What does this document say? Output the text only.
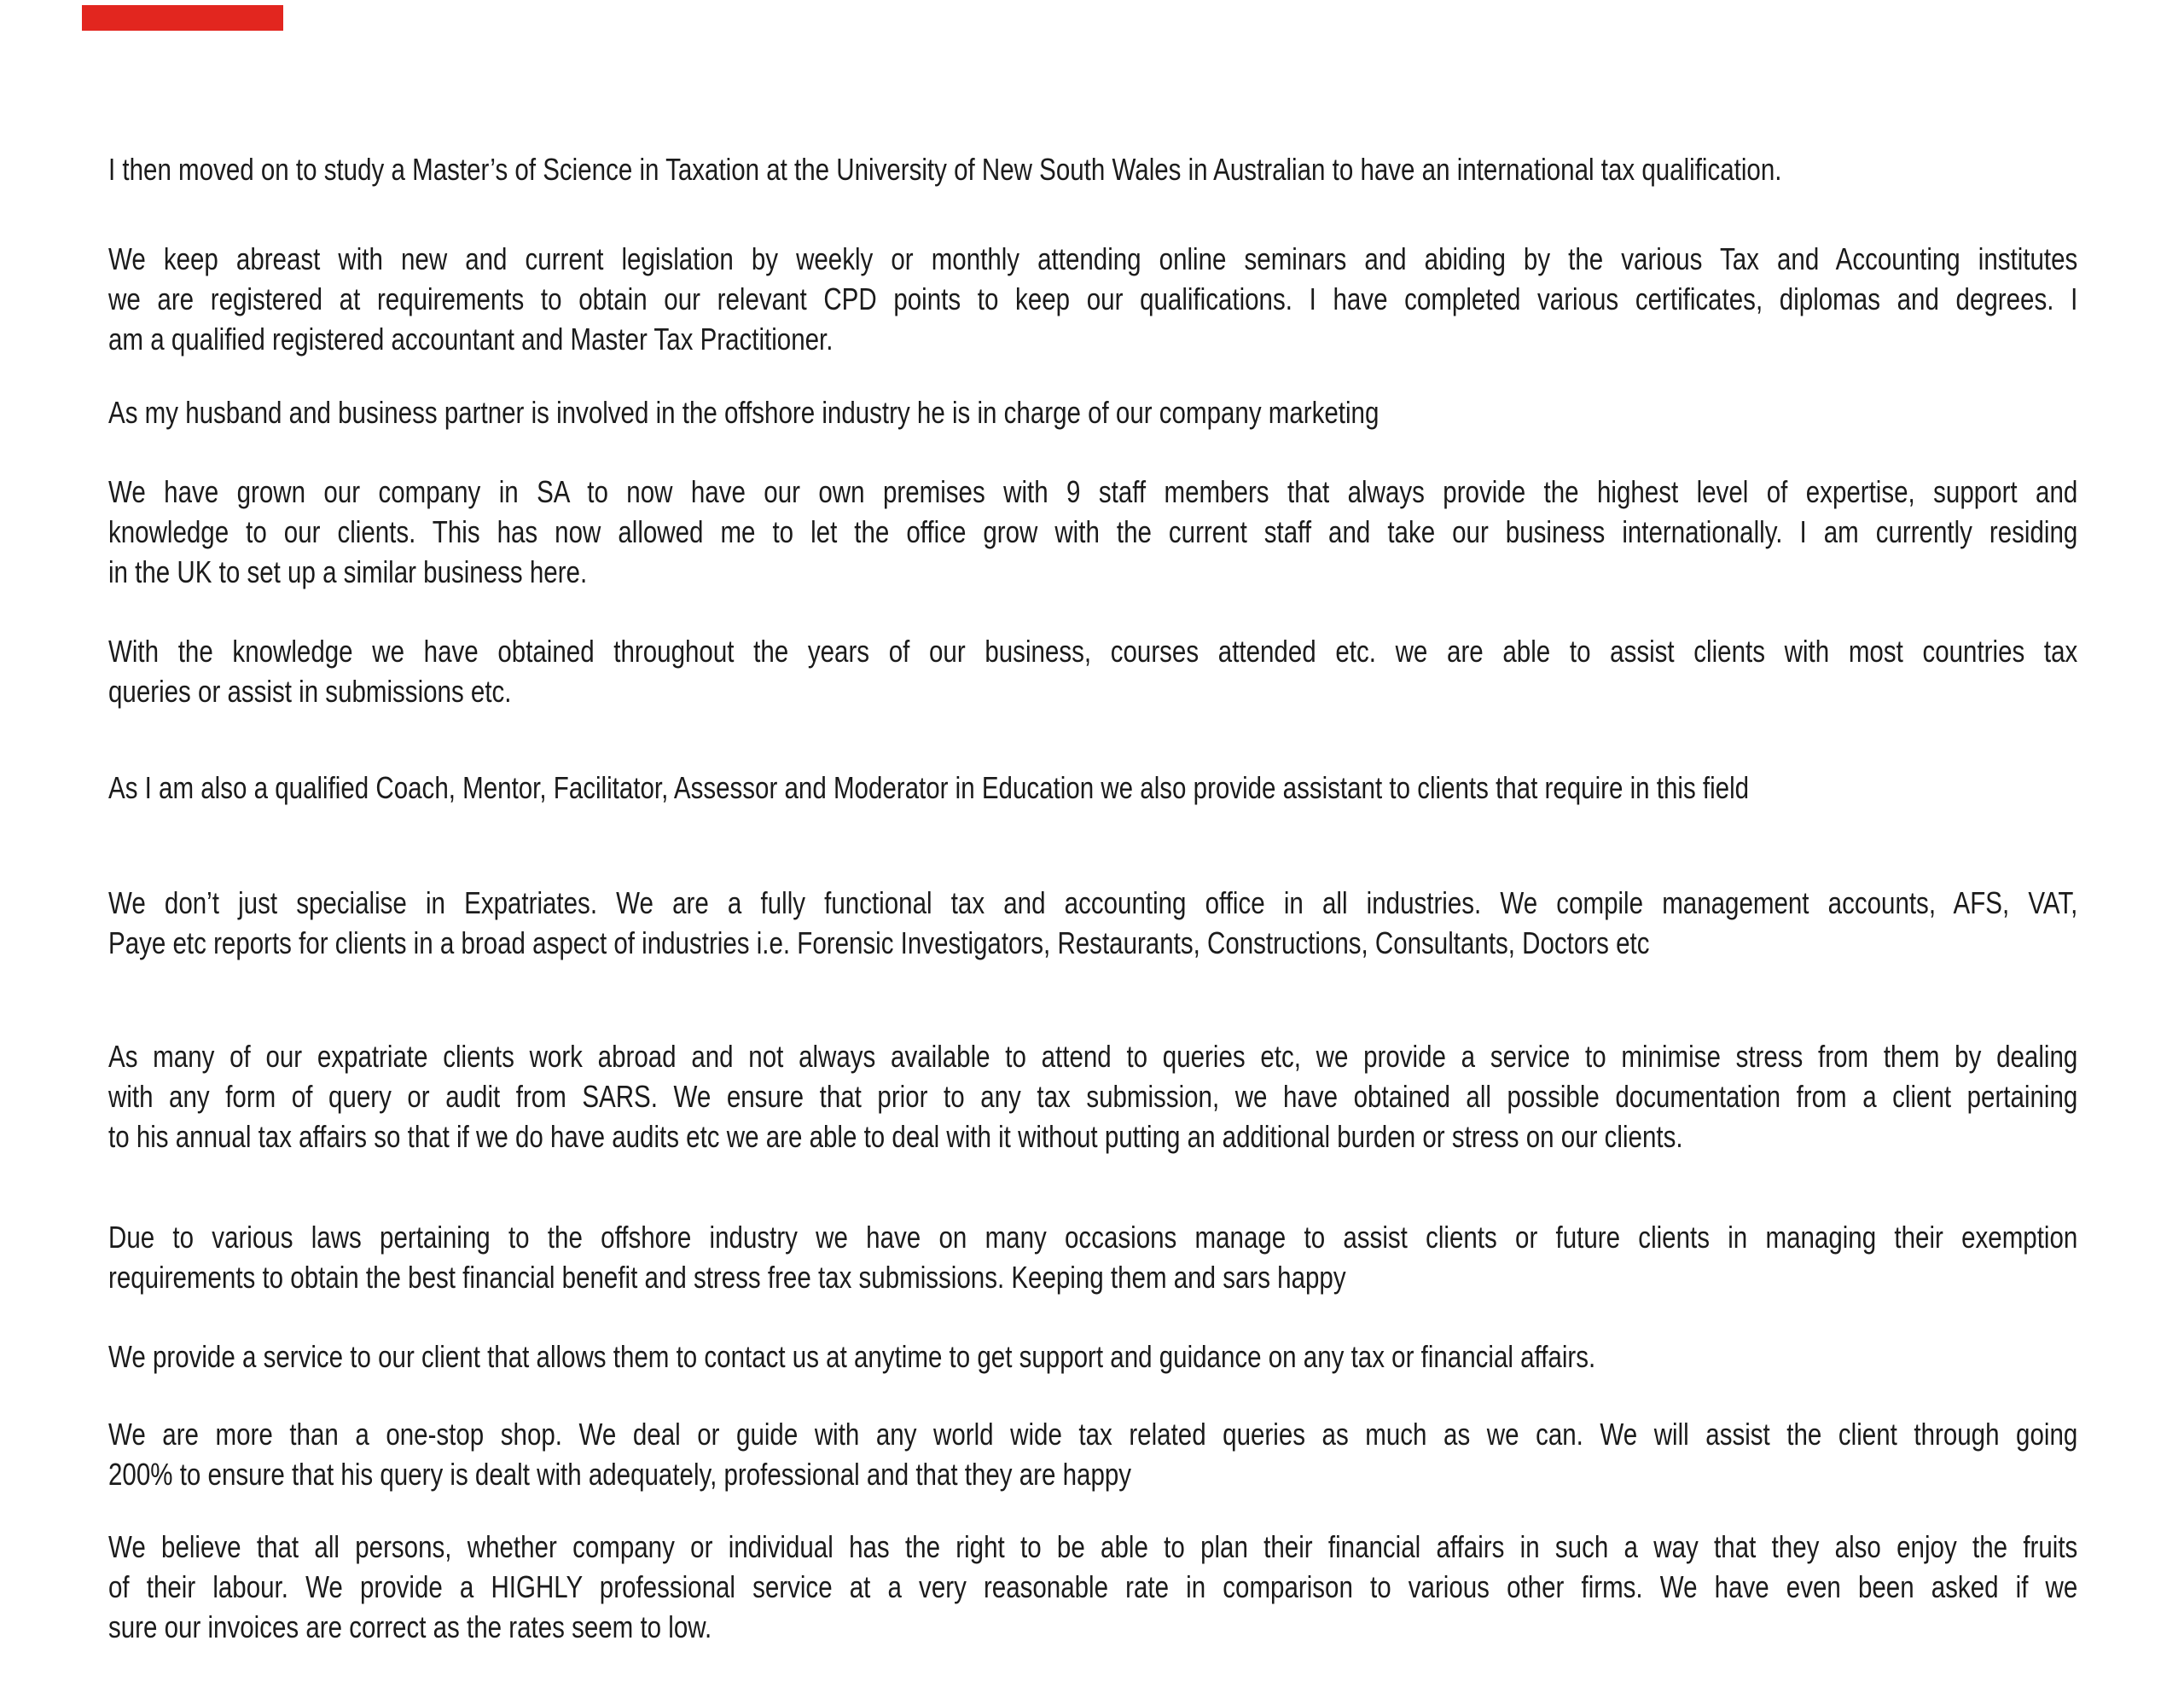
I then moved on to study a Master’s of Science in Taxation at the University of New South Wales in Australian to have an international tax qualification.
We keep abreast with new and current legislation by weekly or monthly attending online seminars and abiding by the various Tax and Accounting institutes
we are registered at requirements to obtain our relevant CPD points to keep our qualifications. I have completed various certificates, diplomas and degrees. I
am a qualified registered accountant and Master Tax Practitioner.
As my husband and business partner is involved in the offshore industry he is in charge of our company marketing
We have grown our company in SA to now have our own premises with 9 staff members that always provide the highest level of expertise, support and
knowledge to our clients. This has now allowed me to let the office grow with the current staff and take our business internationally. I am currently residing
in the UK to set up a similar business here.
With the knowledge we have obtained throughout the years of our business, courses attended etc. we are able to assist clients with most countries tax
queries or assist in submissions etc.
As I am also a qualified Coach, Mentor, Facilitator, Assessor and Moderator in Education we also provide assistant to clients that require in this field
We don’t just specialise in Expatriates. We are a fully functional tax and accounting office in all industries. We compile management accounts, AFS, VAT,
Paye etc reports for clients in a broad aspect of industries i.e. Forensic Investigators, Restaurants, Constructions, Consultants, Doctors etc
As many of our expatriate clients work abroad and not always available to attend to queries etc, we provide a service to minimise stress from them by dealing
with any form of query or audit from SARS. We ensure that prior to any tax submission, we have obtained all possible documentation from a client pertaining
to his annual tax affairs so that if we do have audits etc we are able to deal with it without putting an additional burden or stress on our clients.
Due to various laws pertaining to the offshore industry we have on many occasions manage to assist clients or future clients in managing their exemption
requirements to obtain the best financial benefit and stress free tax submissions. Keeping them and sars happy
We provide a service to our client that allows them to contact us at anytime to get support and guidance on any tax or financial affairs.
We are more than a one-stop shop. We deal or guide with any world wide tax related queries as much as we can. We will assist the client through going
200% to ensure that his query is dealt with adequately, professional and that they are happy
We believe that all persons, whether company or individual has the right to be able to plan their financial affairs in such a way that they also enjoy the fruits
of their labour. We provide a HIGHLY professional service at a very reasonable rate in comparison to various other firms. We have even been asked if we
sure our invoices are correct as the rates seem to low.
